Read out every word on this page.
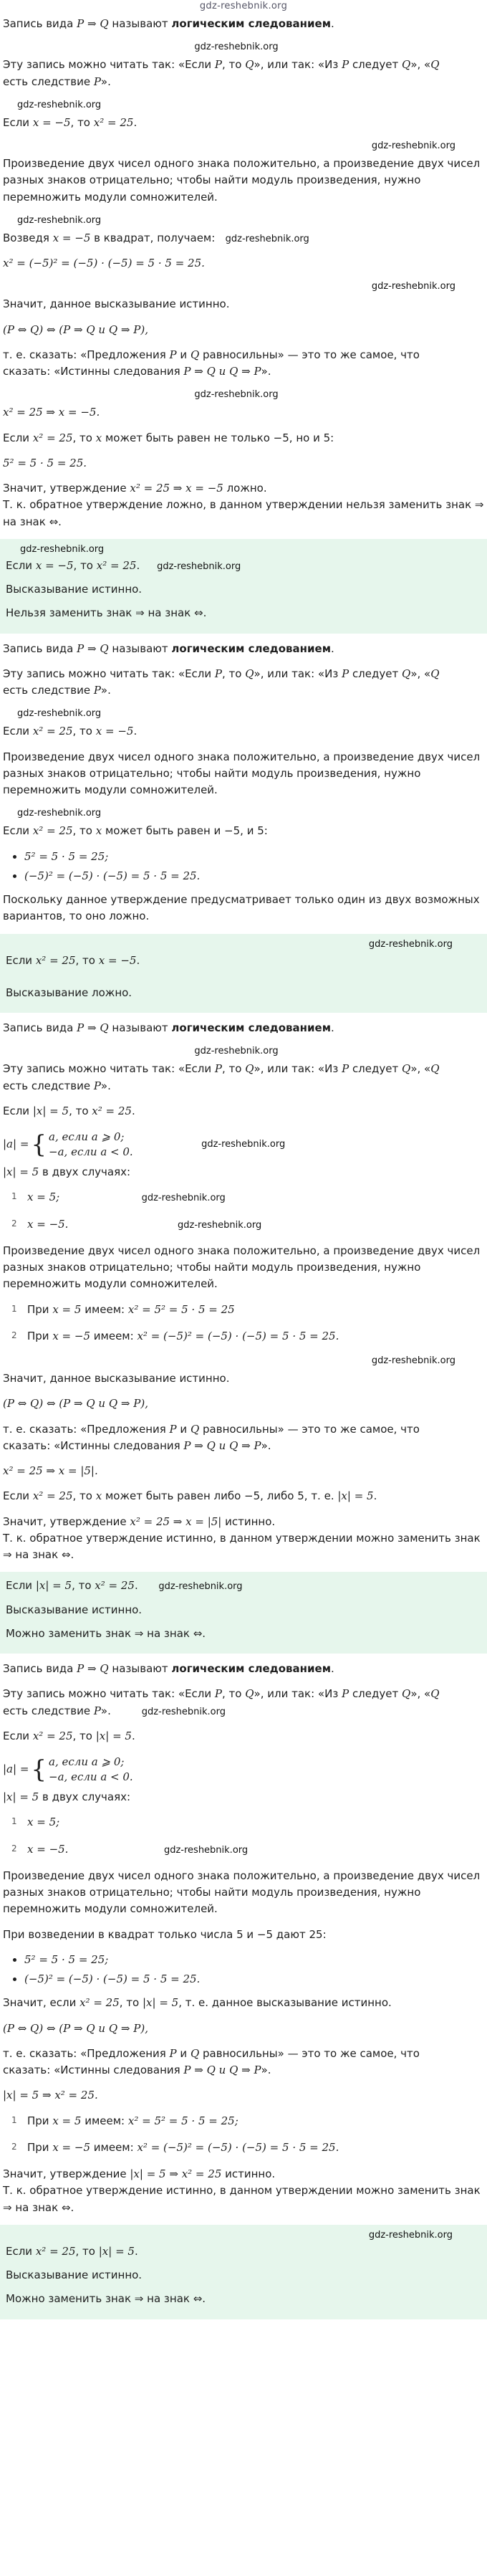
gdz-reshebnik.org

Запись вида P ⇒ Q называют логическим следованием.

gdz-reshebnik.org

Эту запись можно читать так: «Если P, то Q», или так: «Из P следует Q», «Q
есть следствие P».

gdz-reshebnik.org

Если x = −5, то x² = 25.

gdz-reshebnik.org

Произведение двух чисел одного знака положительно, а произведение двух чисел разных знаков отрицательно; чтобы найти модуль произведения, нужно перемножить модули сомножителей.

gdz-reshebnik.org

Возведя x = −5 в квадрат, получаем: gdz-reshebnik.org

x² = (−5)² = (−5) · (−5) = 5 · 5 = 25.

gdz-reshebnik.org

Значит, данное высказывание истинно.

(P ⇔ Q) ⇔ (P ⇒ Q и Q ⇒ P),

т. е. сказать: «Предложения P и Q равносильны» — это то же самое, что
сказать: «Истинны следования P ⇒ Q и Q ⇒ P».

gdz-reshebnik.org

x² = 25 ⇒ x = −5.

Если x² = 25, то x может быть равен не только −5, но и 5:

5² = 5 · 5 = 25.

Значит, утверждение x² = 25 ⇒ x = −5 ложно.
Т. к. обратное утверждение ложно, в данном утверждении нельзя заменить знак ⇒ на знак ⇔.

gdz-reshebnik.org

Если x = −5, то x² = 25. gdz-reshebnik.org

Высказывание истинно.

Нельзя заменить знак ⇒ на знак ⇔.

Запись вида P ⇒ Q называют логическим следованием.

Эту запись можно читать так: «Если P, то Q», или так: «Из P следует Q», «Q
есть следствие P».

gdz-reshebnik.org

Если x² = 25, то x = −5.

Произведение двух чисел одного знака положительно, а произведение двух чисел разных знаков отрицательно; чтобы найти модуль произведения, нужно перемножить модули сомножителей.

gdz-reshebnik.org

Если x² = 25, то x может быть равен и −5, и 5:

• 5² = 5 · 5 = 25;
• (−5)² = (−5) · (−5) = 5 · 5 = 25.

Поскольку данное утверждение предусматривает только один из двух возможных вариантов, то оно ложно.

gdz-reshebnik.org

Если x² = 25, то x = −5.

Высказывание ложно.

Запись вида P ⇒ Q называют логическим следованием.

gdz-reshebnik.org

Эту запись можно читать так: «Если P, то Q», или так: «Из P следует Q», «Q
есть следствие P».

Если |x| = 5, то x² = 25.

|a| = { a, если a ⩾ 0;
−a, если a < 0.

gdz-reshebnik.org

|x| = 5 в двух случаях:

x = 5;	gdz-reshebnik.org
x = −5.	gdz-reshebnik.org

Произведение двух чисел одного знака положительно, а произведение двух чисел разных знаков отрицательно; чтобы найти модуль произведения, нужно перемножить модули сомножителей.

При x = 5 имеем: x² = 5² = 5 · 5 = 25
При x = −5 имеем: x² = (−5)² = (−5) · (−5) = 5 · 5 = 25.
gdz-reshebnik.org

Значит, данное высказывание истинно.

(P ⇔ Q) ⇔ (P ⇒ Q и Q ⇒ P),

т. е. сказать: «Предложения P и Q равносильны» — это то же самое, что
сказать: «Истинны следования P ⇒ Q и Q ⇒ P».

x² = 25 ⇒ x = |5|.

Если x² = 25, то x может быть равен либо −5, либо 5, т. е. |x| = 5.

Значит, утверждение x² = 25 ⇒ x = |5| истинно.
Т. к. обратное утверждение истинно, в данном утверждении можно заменить знак ⇒ на знак ⇔.

Если |x| = 5, то x² = 25. gdz-reshebnik.org

Высказывание истинно.

Можно заменить знак ⇒ на знак ⇔.

Запись вида P ⇒ Q называют логическим следованием.

Эту запись можно читать так: «Если P, то Q», или так: «Из P следует Q», «Q
есть следствие P».	gdz-reshebnik.org

Если x² = 25, то |x| = 5.

|a| = { a, если a ⩾ 0;
−a, если a < 0.

|x| = 5 в двух случаях:

x = 5;
x = −5.	gdz-reshebnik.org

Произведение двух чисел одного знака положительно, а произведение двух чисел разных знаков отрицательно; чтобы найти модуль произведения, нужно перемножить модули сомножителей.

При возведении в квадрат только числа 5 и −5 дают 25:

• 5² = 5 · 5 = 25;
• (−5)² = (−5) · (−5) = 5 · 5 = 25.

Значит, если x² = 25, то |x| = 5, т. е. данное высказывание истинно.

(P ⇔ Q) ⇔ (P ⇒ Q и Q ⇒ P),

т. е. сказать: «Предложения P и Q равносильны» — это то же самое, что
сказать: «Истинны следования P ⇒ Q и Q ⇒ P».

|x| = 5 ⇒ x² = 25.

При x = 5 имеем: x² = 5² = 5 · 5 = 25;
При x = −5 имеем: x² = (−5)² = (−5) · (−5) = 5 · 5 = 25.

Значит, утверждение |x| = 5 ⇒ x² = 25 истинно.
Т. к. обратное утверждение истинно, в данном утверждении можно заменить знак ⇒ на знак ⇔.

gdz-reshebnik.org

Если x² = 25, то |x| = 5.

Высказывание истинно.

Можно заменить знак ⇒ на знак ⇔.
